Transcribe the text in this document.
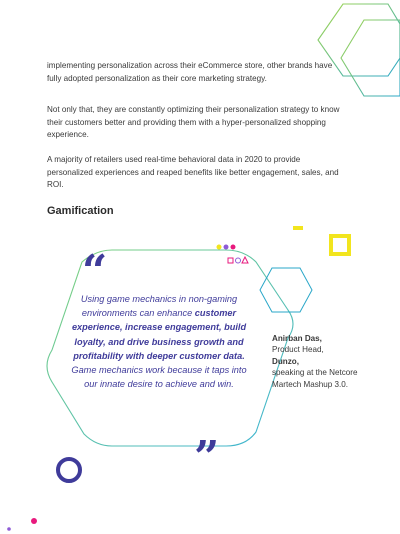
implementing personalization across their eCommerce store, other brands have fully adopted personalization as their core marketing strategy.

Not only that, they are constantly optimizing their personalization strategy to know their customers better and providing them with a hyper-personalized shopping experience.

A majority of retailers used real-time behavioral data in 2020 to provide personalized experiences and reaped benefits like better engagement, sales, and ROI.

Gamification
“

Using game mechanics in non-gaming environments can enhance customer experience, increase engagement, build loyalty, and drive business growth and profitability with deeper customer data. Game mechanics work because it taps into our innate desire to achieve and win.

”

Anirban Das,
Product Head,
Dunzo,
speaking at the Netcore Martech Mashup 3.0.
